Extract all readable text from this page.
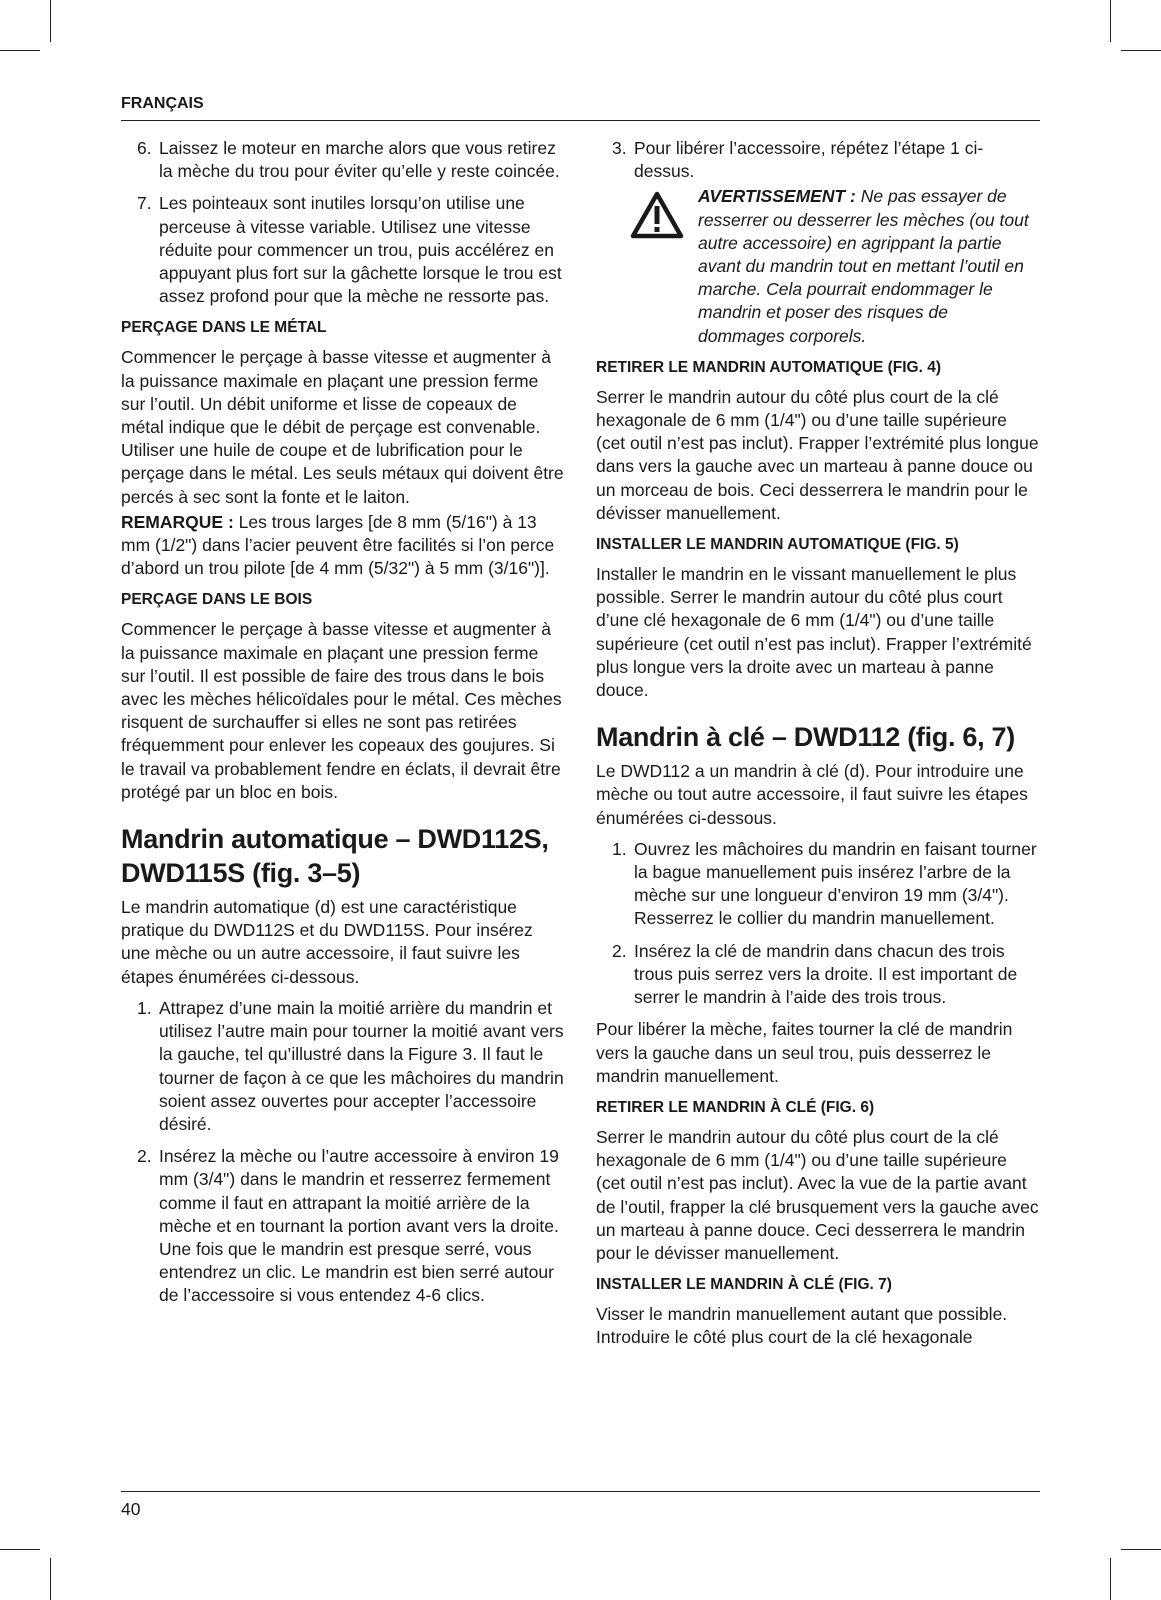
FRANÇAIS
6. Laissez le moteur en marche alors que vous retirez la mèche du trou pour éviter qu’elle y reste coincée.
7. Les pointeaux sont inutiles lorsqu’on utilise une perceuse à vitesse variable. Utilisez une vitesse réduite pour commencer un trou, puis accélérez en appuyant plus fort sur la gâchette lorsque le trou est assez profond pour que la mèche ne ressorte pas.
PERÇAGE DANS LE MÉTAL

Commencer le perçage à basse vitesse et augmenter à la puissance maximale en plaçant une pression ferme sur l’outil. Un débit uniforme et lisse de copeaux de métal indique que le débit de perçage est convenable. Utiliser une huile de coupe et de lubrification pour le perçage dans le métal. Les seuls métaux qui doivent être percés à sec sont la fonte et le laiton.

REMARQUE : Les trous larges [de 8 mm (5/16") à 13 mm (1/2") dans l’acier peuvent être facilités si l’on perce d’abord un trou pilote [de 4 mm (5/32") à 5 mm (3/16")].

PERÇAGE DANS LE BOIS

Commencer le perçage à basse vitesse et augmenter à la puissance maximale en plaçant une pression ferme sur l’outil. Il est possible de faire des trous dans le bois avec les mèches hélicoïdales pour le métal. Ces mèches risquent de surchauffer si elles ne sont pas retirées fréquemment pour enlever les copeaux des goujures. Si le travail va probablement fendre en éclats, il devrait être protégé par un bloc en bois.

Mandrin automatique – DWD112S, DWD115S (fig. 3–5)

Le mandrin automatique (d) est une caractéristique pratique du DWD112S et du DWD115S. Pour insérez une mèche ou un autre accessoire, il faut suivre les étapes énumérées ci-dessous.

1. Attrapez d’une main la moitié arrière du mandrin et utilisez l’autre main pour tourner la moitié avant vers la gauche, tel qu’illustré dans la Figure 3. Il faut le tourner de façon à ce que les mâchoires du mandrin soient assez ouvertes pour accepter l’accessoire désiré.
2. Insérez la mèche ou l’autre accessoire à environ 19 mm (3/4") dans le mandrin et resserrez fermement comme il faut en attrapant la moitié arrière de la mèche et en tournant la portion avant vers la droite. Une fois que le mandrin est presque serré, vous entendrez un clic. Le mandrin est bien serré autour de l’accessoire si vous entendez 4-6 clics.
3. Pour libérer l’accessoire, répétez l’étape 1 ci-dessus.
AVERTISSEMENT : Ne pas essayer de resserrer ou desserrer les mèches (ou tout autre accessoire) en agrippant la partie avant du mandrin tout en mettant l’outil en marche. Cela pourrait endommager le mandrin et poser des risques de dommages corporels.
RETIRER LE MANDRIN AUTOMATIQUE (FIG. 4)

Serrer le mandrin autour du côté plus court de la clé hexagonale de 6 mm (1/4") ou d’une taille supérieure (cet outil n’est pas inclut). Frapper l’extrémité plus longue dans vers la gauche avec un marteau à panne douce ou un morceau de bois. Ceci desserrera le mandrin pour le dévisser manuellement.

INSTALLER LE MANDRIN AUTOMATIQUE (FIG. 5)

Installer le mandrin en le vissant manuellement le plus possible. Serrer le mandrin autour du côté plus court d’une clé hexagonale de 6 mm (1/4") ou d’une taille supérieure (cet outil n’est pas inclut). Frapper l’extrémité plus longue vers la droite avec un marteau à panne douce.

Mandrin à clé – DWD112 (fig. 6, 7)

Le DWD112 a un mandrin à clé (d). Pour introduire une mèche ou tout autre accessoire, il faut suivre les étapes énumérées ci-dessous.

1. Ouvrez les mâchoires du mandrin en faisant tourner la bague manuellement puis insérez l’arbre de la mèche sur une longueur d’environ 19 mm (3/4"). Resserrez le collier du mandrin manuellement.
2. Insérez la clé de mandrin dans chacun des trois trous puis serrez vers la droite. Il est important de serrer le mandrin à l’aide des trois trous.

Pour libérer la mèche, faites tourner la clé de mandrin vers la gauche dans un seul trou, puis desserrez le mandrin manuellement.

RETIRER LE MANDRIN À CLÉ (FIG. 6)

Serrer le mandrin autour du côté plus court de la clé hexagonale de 6 mm (1/4") ou d’une taille supérieure (cet outil n’est pas inclut). Avec la vue de la partie avant de l’outil, frapper la clé brusquement vers la gauche avec un marteau à panne douce. Ceci desserrera le mandrin pour le dévisser manuellement.

INSTALLER LE MANDRIN À CLÉ (FIG. 7)

Visser le mandrin manuellement autant que possible. Introduire le côté plus court de la clé hexagonale

40
